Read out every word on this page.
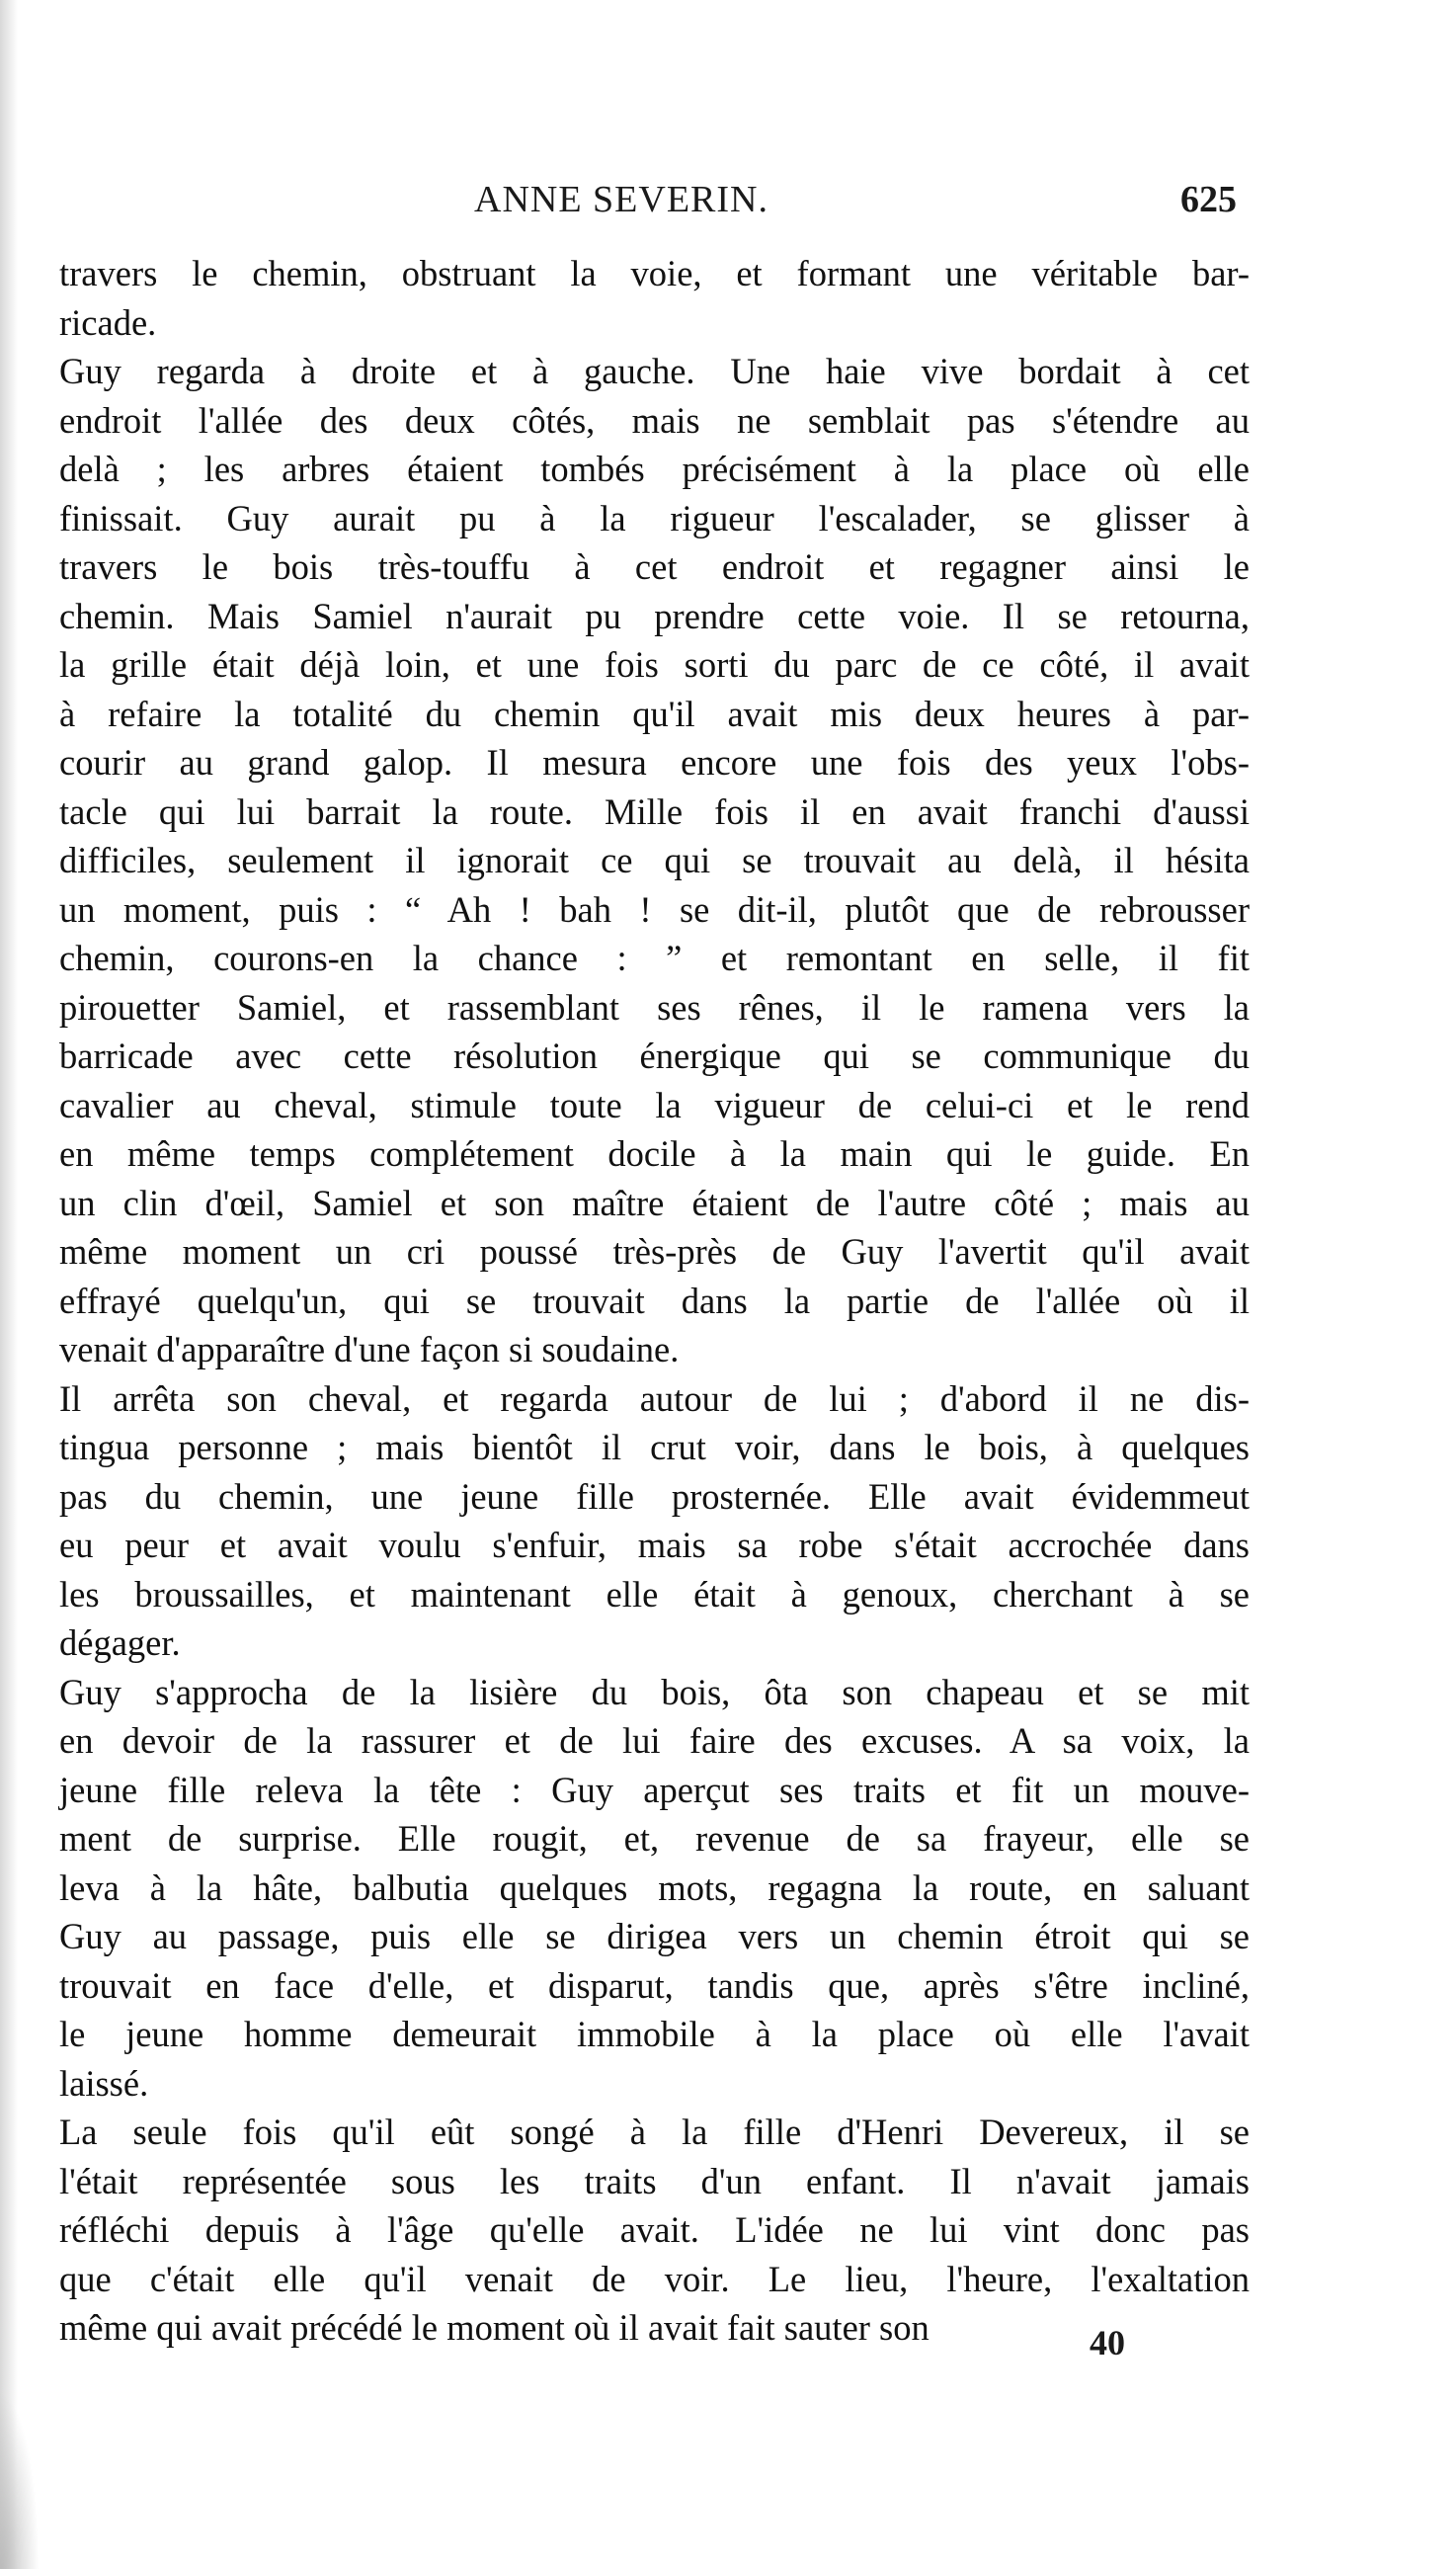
ANNE SEVERIN.	625
travers le chemin, obstruant la voie, et formant une véritable bar-
ricade.
Guy regarda à droite et à gauche. Une haie vive bordait à cet
endroit l'allée des deux côtés, mais ne semblait pas s'étendre au
delà ; les arbres étaient tombés précisément à la place où elle
finissait. Guy aurait pu à la rigueur l'escalader, se glisser à
travers le bois très-touffu à cet endroit et regagner ainsi le
chemin. Mais Samiel n'aurait pu prendre cette voie. Il se retourna,
la grille était déjà loin, et une fois sorti du parc de ce côté, il avait
à refaire la totalité du chemin qu'il avait mis deux heures à par-
courir au grand galop. Il mesura encore une fois des yeux l'obs-
tacle qui lui barrait la route. Mille fois il en avait franchi d'aussi
difficiles, seulement il ignorait ce qui se trouvait au delà, il hésita
un moment, puis : “ Ah ! bah ! se dit-il, plutôt que de rebrousser
chemin, courons-en la chance : ” et remontant en selle, il fit
pirouetter Samiel, et rassemblant ses rênes, il le ramena vers la
barricade avec cette résolution énergique qui se communique du
cavalier au cheval, stimule toute la vigueur de celui-ci et le rend
en même temps complétement docile à la main qui le guide. En
un clin d'œil, Samiel et son maître étaient de l'autre côté ; mais au
même moment un cri poussé très-près de Guy l'avertit qu'il avait
effrayé quelqu'un, qui se trouvait dans la partie de l'allée où il
venait d'apparaître d'une façon si soudaine.
Il arrêta son cheval, et regarda autour de lui ; d'abord il ne dis-
tingua personne ; mais bientôt il crut voir, dans le bois, à quelques
pas du chemin, une jeune fille prosternée. Elle avait évidemmeut
eu peur et avait voulu s'enfuir, mais sa robe s'était accrochée dans
les broussailles, et maintenant elle était à genoux, cherchant à se
dégager.
Guy s'approcha de la lisière du bois, ôta son chapeau et se mit
en devoir de la rassurer et de lui faire des excuses. A sa voix, la
jeune fille releva la tête : Guy aperçut ses traits et fit un mouve-
ment de surprise. Elle rougit, et, revenue de sa frayeur, elle se
leva à la hâte, balbutia quelques mots, regagna la route, en saluant
Guy au passage, puis elle se dirigea vers un chemin étroit qui se
trouvait en face d'elle, et disparut, tandis que, après s'être incliné,
le jeune homme demeurait immobile à la place où elle l'avait
laissé.
La seule fois qu'il eût songé à la fille d'Henri Devereux, il se
l'était représentée sous les traits d'un enfant. Il n'avait jamais
réfléchi depuis à l'âge qu'elle avait. L'idée ne lui vint donc pas
que c'était elle qu'il venait de voir. Le lieu, l'heure, l'exaltation
même qui avait précédé le moment où il avait fait sauter son	40
